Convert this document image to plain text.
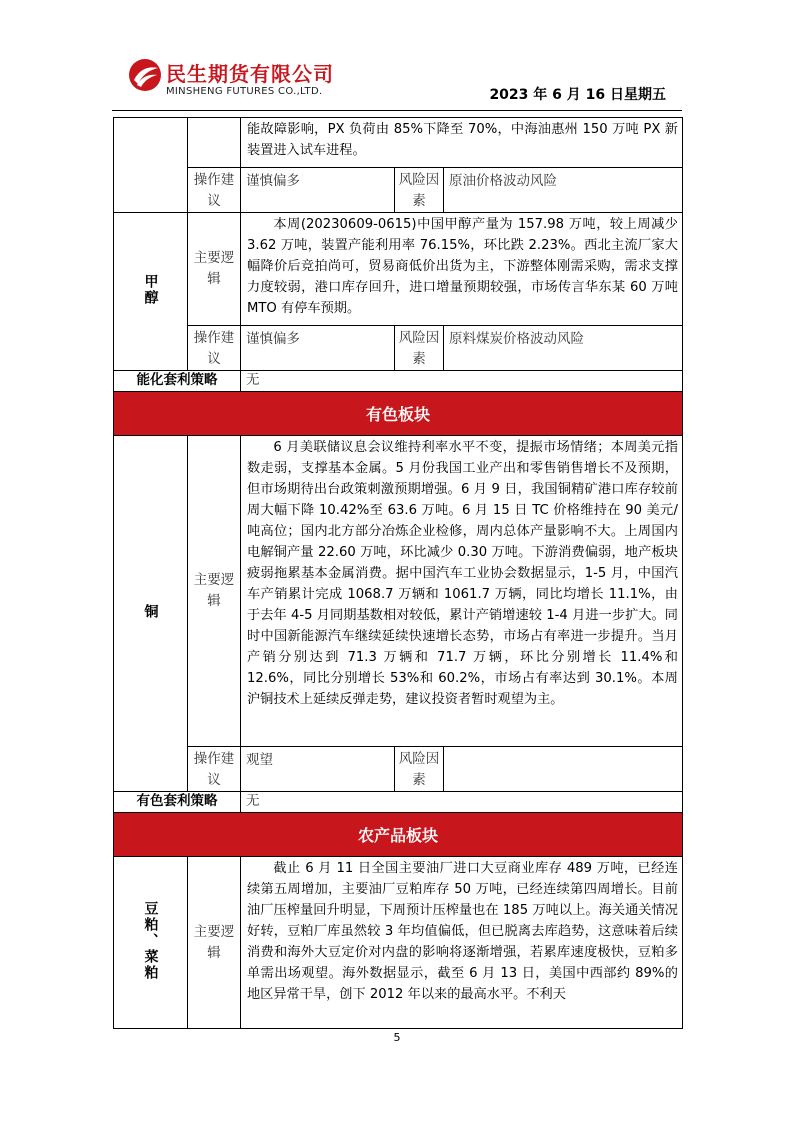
民生期货有限公司
MINSHENG FUTURES CO.,LTD.	2023 年 6 月 16 日星期五

		能故障影响，PX 负荷由 85%下降至 70%，中海油惠州 150 万吨 PX 新装置进入试车进程。		

	操作建议	谨慎偏多	风险因素	原油价格波动风险
甲醇	主要逻辑	本周(20230609-0615)中国甲醇产量为 157.98 万吨，较上周减少 3.62 万吨，装置产能利用率 76.15%，环比跌 2.23%。西北主流厂家大幅降价后竞拍尚可，贸易商低价出货为主，下游整体刚需采购，需求支撑力度较弱，港口库存回升，进口增量预期较强，市场传言华东某 60 万吨 MTO 有停车预期。		

	操作建议	谨慎偏多	风险因素	原料煤炭价格波动风险
能化套利策略		无		
有色板块				
铜	主要逻辑	6 月美联储议息会议维持利率水平不变，提振市场情绪；本周美元指数走弱，支撑基本金属。5 月份我国工业产出和零售销售增长不及预期，但市场期待出台政策刺激预期增强。6 月 9 日，我国铜精矿港口库存较前周大幅下降 10.42%至 63.6 万吨。6 月 15 日 TC 价格维持在 90 美元/吨高位；国内北方部分冶炼企业检修，周内总体产量影响不大。上周国内电解铜产量 22.60 万吨，环比减少 0.30 万吨。下游消费偏弱，地产板块疲弱拖累基本金属消费。据中国汽车工业协会数据显示，1-5 月，中国汽车产销累计完成 1068.7 万辆和 1061.7 万辆，同比均增长 11.1%，由于去年 4-5 月同期基数相对较低，累计产销增速较 1-4 月进一步扩大。同时中国新能源汽车继续延续快速增长态势，市场占有率进一步提升。当月产销分别达到 71.3 万辆和 71.7 万辆，环比分别增长 11.4%和 12.6%，同比分别增长 53%和 60.2%，市场占有率达到 30.1%。本周沪铜技术上延续反弹走势，建议投资者暂时观望为主。		

	操作建议	观望	风险因素	
有色套利策略		无		
农产品板块				
豆粕、菜粕	主要逻辑	截止 6 月 11 日全国主要油厂进口大豆商业库存 489 万吨，已经连续第五周增加，主要油厂豆粕库存 50 万吨，已经连续第四周增长。目前油厂压榨量回升明显，下周预计压榨量也在 185 万吨以上。海关通关情况好转，豆粕厂库虽然较 3 年均值偏低，但已脱离去库趋势，这意味着后续消费和海外大豆定价对内盘的影响将逐渐增强，若累库速度极快，豆粕多单需出场观望。海外数据显示，截至 6 月 13 日，美国中西部约 89%的地区异常干旱，创下 2012 年以来的最高水平。不利天		

5
